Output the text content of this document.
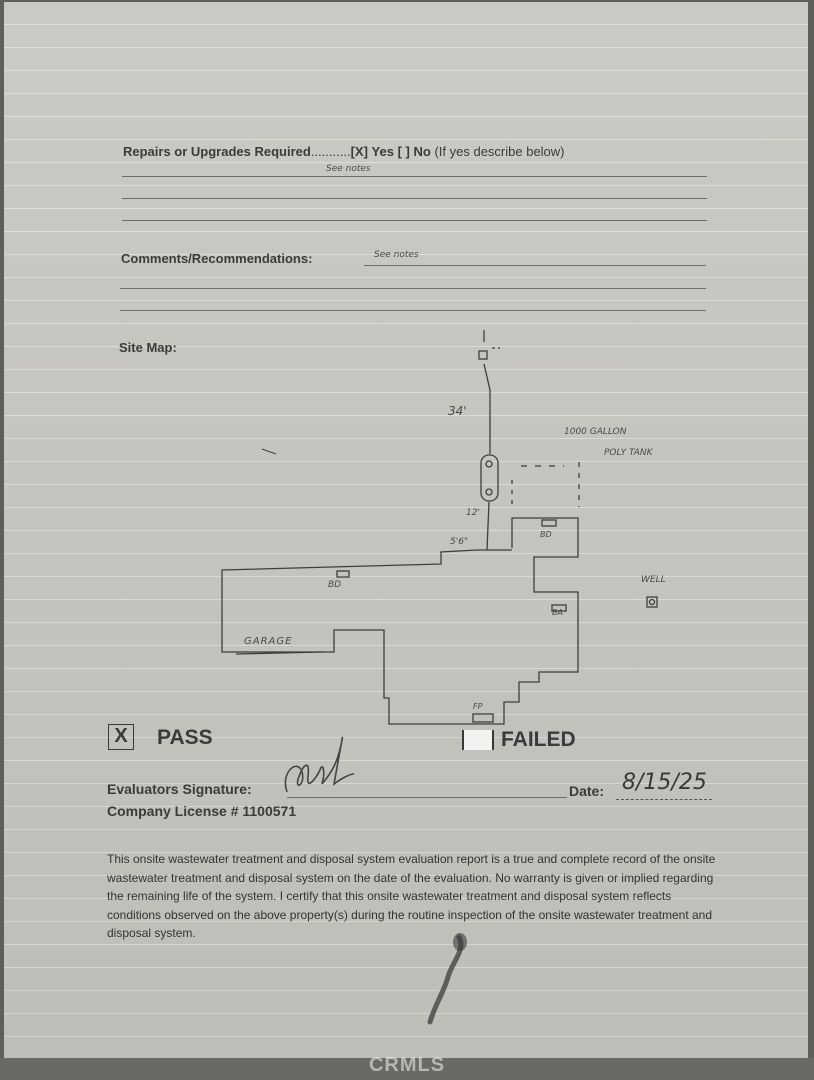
Repairs or Upgrades Required...........[X] Yes [ ] No (If yes describe below)
See notes
Comments/Recommendations:	See notes
Site Map:
34'
1000 GALLON
POLY TANK
12'
5'6"
BD
BD
BA
WELL
GARAGE
FP
X	PASS	FAILED
Evaluators Signature:	Date: 8/15/25
Company License # 1100571
This onsite wastewater treatment and disposal system evaluation report is a true and complete record of the onsite wastewater treatment and disposal system on the date of the evaluation. No warranty is given or implied regarding the remaining life of the system. I certify that this onsite wastewater treatment and disposal system reflects conditions observed on the above property(s) during the routine inspection of the onsite wastewater treatment and disposal system.
CRMLS
